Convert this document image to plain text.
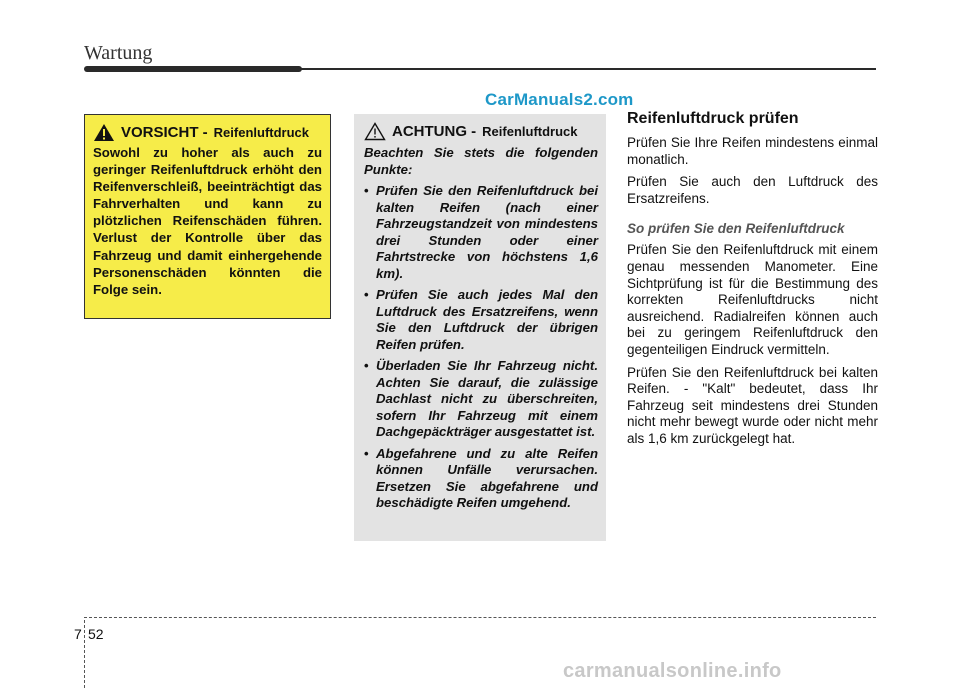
Wartung
CarManuals2.com
VORSICHT - Reifenluftdruck
Sowohl zu hoher als auch zu geringer Reifenluftdruck erhöht den Reifenverschleiß, beeinträchtigt das Fahrverhalten und kann zu plötzlichen Reifenschäden führen. Verlust der Kontrolle über das Fahrzeug und damit einhergehende Personenschäden könnten die Folge sein.
ACHTUNG - Reifenluftdruck
Beachten Sie stets die folgenden Punkte:
• Prüfen Sie den Reifenluftdruck bei kalten Reifen (nach einer Fahrzeugstandzeit von mindestens drei Stunden oder einer Fahrtstrecke von höchstens 1,6 km).
• Prüfen Sie auch jedes Mal den Luftdruck des Ersatzreifens, wenn Sie den Luftdruck der übrigen Reifen prüfen.
• Überladen Sie Ihr Fahrzeug nicht. Achten Sie darauf, die zulässige Dachlast nicht zu überschreiten, sofern Ihr Fahrzeug mit einem Dachgepäckträger ausgestattet ist.
• Abgefahrene und zu alte Reifen können Unfälle verursachen. Ersetzen Sie abgefahrene und beschädigte Reifen umgehend.
Reifenluftdruck prüfen

Prüfen Sie Ihre Reifen mindestens einmal monatlich.

Prüfen Sie auch den Luftdruck des Ersatzreifens.

So prüfen Sie den Reifenluftdruck

Prüfen Sie den Reifenluftdruck mit einem genau messenden Manometer. Eine Sichtprüfung ist für die Bestimmung des korrekten Reifenluftdrucks nicht ausreichend. Radialreifen können auch bei zu geringem Reifenluftdruck den gegenteiligen Eindruck vermitteln.

Prüfen Sie den Reifenluftdruck bei kalten Reifen. - "Kalt" bedeutet, dass Ihr Fahrzeug seit mindestens drei Stunden nicht mehr bewegt wurde oder nicht mehr als 1,6 km zurückgelegt hat.

7 52
carmanualsonline.info
